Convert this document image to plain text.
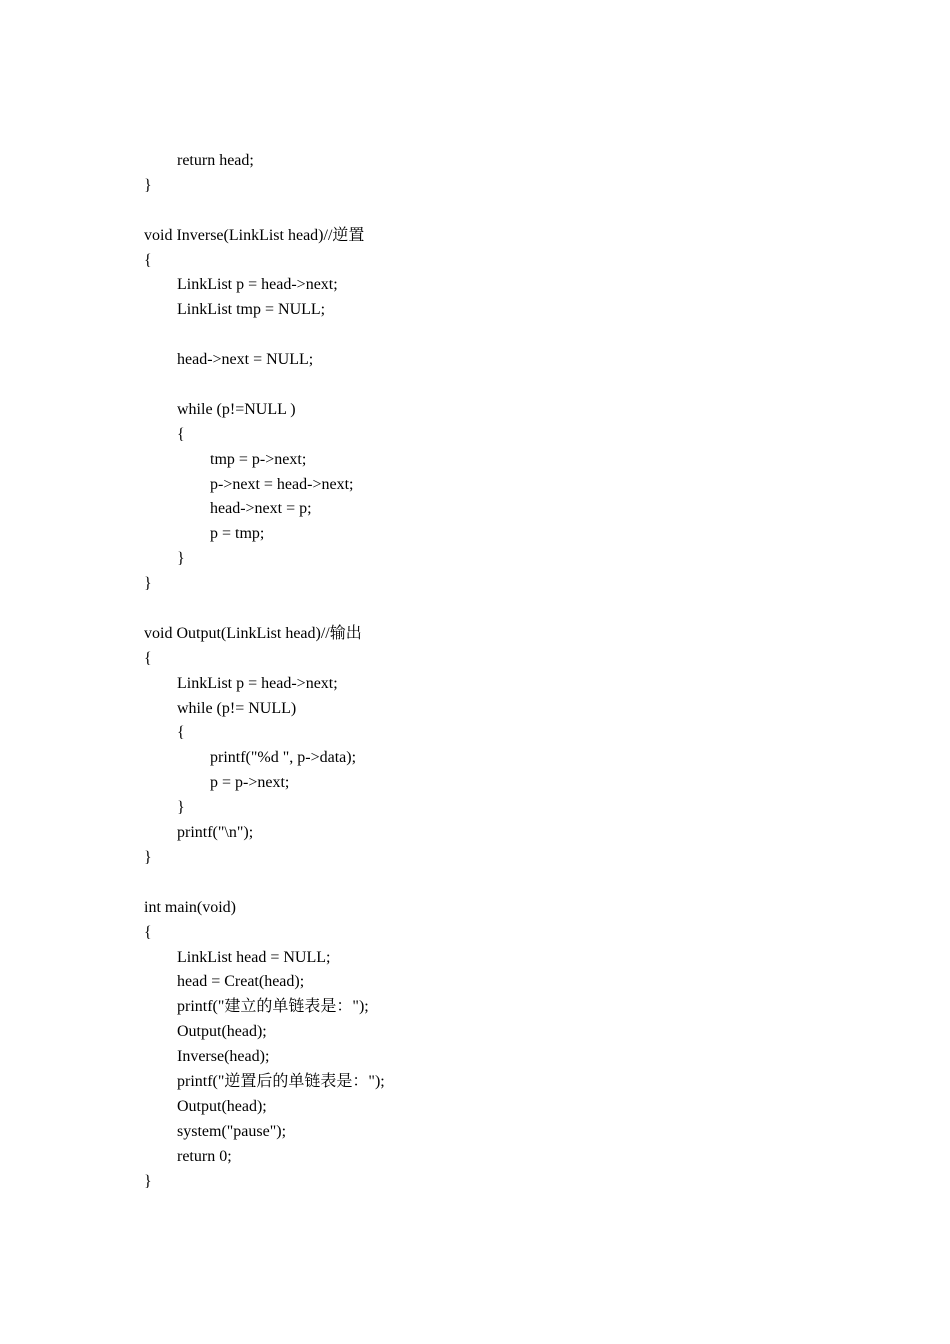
return head;
}
void Inverse(LinkList head)//逆置
{
LinkList p = head->next;
LinkList tmp = NULL;
head->next = NULL;
while (p!=NULL )
{
tmp = p->next;
p->next = head->next;
head->next = p;
p = tmp;
}
}
void Output(LinkList head)//输出
{
LinkList p = head->next;
while (p!= NULL)
{
printf("%d ", p->data);
p = p->next;
}
printf("\n");
}
int main(void)
{
LinkList head = NULL;
head = Creat(head);
printf("建立的单链表是：");
Output(head);
Inverse(head);
printf("逆置后的单链表是：");
Output(head);
system("pause");
return 0;
}
